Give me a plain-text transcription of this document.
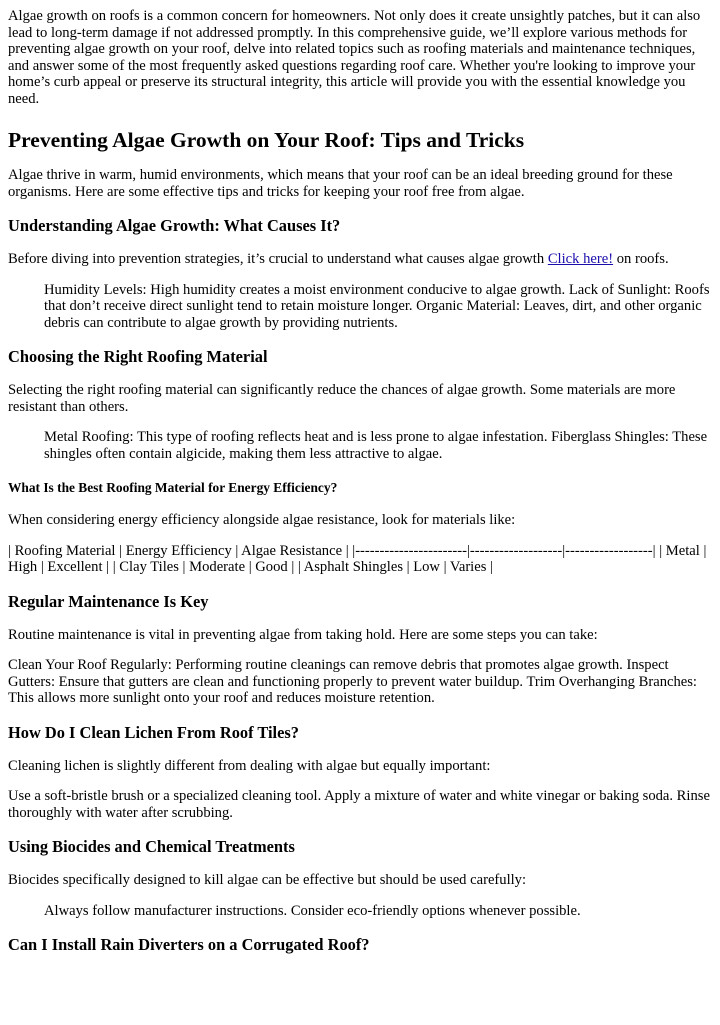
Algae growth on roofs is a common concern for homeowners. Not only does it create unsightly patches, but it can also lead to long-term damage if not addressed promptly. In this comprehensive guide, we’ll explore various methods for preventing algae growth on your roof, delve into related topics such as roofing materials and maintenance techniques, and answer some of the most frequently asked questions regarding roof care. Whether you're looking to improve your home’s curb appeal or preserve its structural integrity, this article will provide you with the essential knowledge you need.

Preventing Algae Growth on Your Roof: Tips and Tricks

Algae thrive in warm, humid environments, which means that your roof can be an ideal breeding ground for these organisms. Here are some effective tips and tricks for keeping your roof free from algae.

Understanding Algae Growth: What Causes It?

Before diving into prevention strategies, it’s crucial to understand what causes algae growth Click here! on roofs.

Humidity Levels: High humidity creates a moist environment conducive to algae growth. Lack of Sunlight: Roofs that don’t receive direct sunlight tend to retain moisture longer. Organic Material: Leaves, dirt, and other organic debris can contribute to algae growth by providing nutrients.

Choosing the Right Roofing Material

Selecting the right roofing material can significantly reduce the chances of algae growth. Some materials are more resistant than others.

Metal Roofing: This type of roofing reflects heat and is less prone to algae infestation. Fiberglass Shingles: These shingles often contain algicide, making them less attractive to algae.

What Is the Best Roofing Material for Energy Efficiency?

When considering energy efficiency alongside algae resistance, look for materials like:

| Roofing Material | Energy Efficiency | Algae Resistance | |-----------------------|-------------------|------------------| | Metal | High | Excellent | | Clay Tiles | Moderate | Good | | Asphalt Shingles | Low | Varies |

Regular Maintenance Is Key

Routine maintenance is vital in preventing algae from taking hold. Here are some steps you can take:

Clean Your Roof Regularly: Performing routine cleanings can remove debris that promotes algae growth. Inspect Gutters: Ensure that gutters are clean and functioning properly to prevent water buildup. Trim Overhanging Branches: This allows more sunlight onto your roof and reduces moisture retention.

How Do I Clean Lichen From Roof Tiles?

Cleaning lichen is slightly different from dealing with algae but equally important:

Use a soft-bristle brush or a specialized cleaning tool. Apply a mixture of water and white vinegar or baking soda. Rinse thoroughly with water after scrubbing.

Using Biocides and Chemical Treatments

Biocides specifically designed to kill algae can be effective but should be used carefully:

Always follow manufacturer instructions. Consider eco-friendly options whenever possible.

Can I Install Rain Diverters on a Corrugated Roof?
